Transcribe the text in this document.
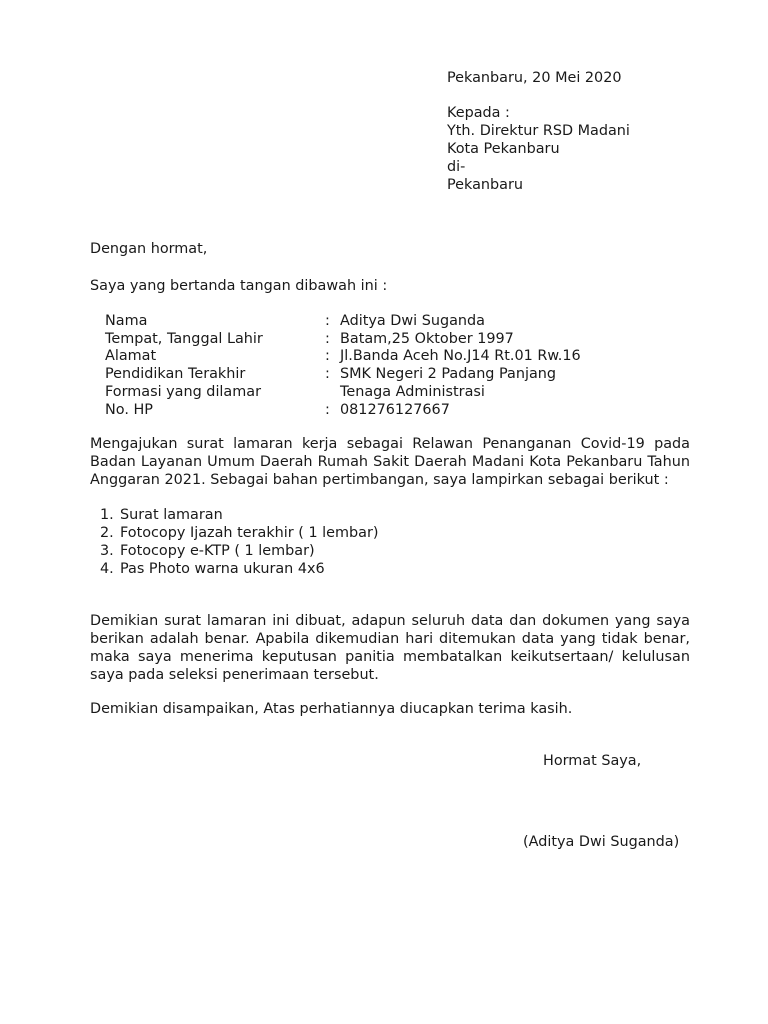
Pekanbaru, 20 Mei 2020
Kepada :
Yth. Direktur RSD Madani
Kota Pekanbaru
di-
Pekanbaru
Dengan hormat,
Saya yang bertanda tangan dibawah ini :
Nama	: Aditya Dwi Suganda
Tempat, Tanggal Lahir	: Batam,25 Oktober 1997
Alamat	: Jl.Banda Aceh No.J14 Rt.01 Rw.16
Pendidikan Terakhir	: SMK Negeri 2 Padang Panjang
Formasi yang dilamar	Tenaga Administrasi
No. HP	: 081276127667
Mengajukan surat lamaran kerja sebagai Relawan Penanganan Covid-19 pada Badan Layanan Umum Daerah Rumah Sakit Daerah Madani Kota Pekanbaru Tahun Anggaran 2021. Sebagai bahan pertimbangan, saya lampirkan sebagai berikut :
1. Surat lamaran
2. Fotocopy Ijazah terakhir ( 1 lembar)
3. Fotocopy e-KTP ( 1 lembar)
4. Pas Photo warna ukuran 4x6
Demikian surat lamaran ini dibuat, adapun seluruh data dan dokumen yang saya berikan adalah benar. Apabila dikemudian hari ditemukan data yang tidak benar, maka saya menerima keputusan panitia membatalkan keikutsertaan/ kelulusan saya pada seleksi penerimaan tersebut.
Demikian disampaikan, Atas perhatiannya diucapkan terima kasih.
Hormat Saya,
(Aditya Dwi Suganda)
